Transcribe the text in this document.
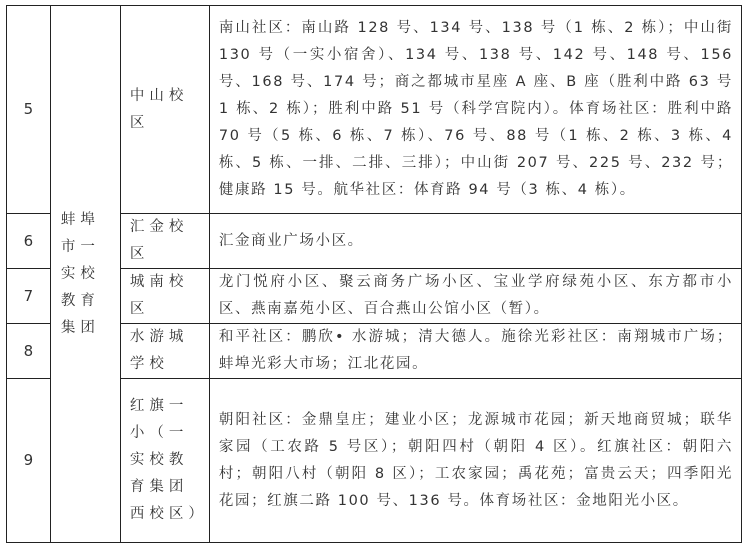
5	蚌埠市一实校教育集团	中山校区	南山社区：南山路 128 号、134 号、138 号（1 栋、2 栋）；中山街 130 号（一实小宿舍）、134 号、138 号、142 号、148 号、156 号、168 号、174 号；商之都城市星座 A 座、B 座（胜利中路 63 号 1 栋、2 栋）；胜利中路 51 号（科学宫院内）。体育场社区：胜利中路 70 号（5 栋、6 栋、7 栋）、76 号、88 号（1 栋、2 栋、3 栋、4 栋、5 栋、一排、二排、三排）；中山街 207 号、225 号、232 号；健康路 15 号。航华社区：体育路 94 号（3 栋、4 栋）。
6		汇金校区	汇金商业广场小区。
7		城南校区	龙门悦府小区、聚云商务广场小区、宝业学府绿苑小区、东方都市小区、燕南嘉苑小区、百合燕山公馆小区（暂）。
8		水游城学校	和平社区：鹏欣• 水游城；清大德人。施徐光彩社区：南翔城市广场；蚌埠光彩大市场；江北花园。
9		红旗一小（一实校教育集团西校区）	朝阳社区：金鼎皇庄；建业小区；龙源城市花园；新天地商贸城；联华家园（工农路 5 号区）；朝阳四村（朝阳 4 区）。红旗社区：朝阳六村；朝阳八村（朝阳 8 区）；工农家园；禹花苑；富贵云天；四季阳光花园；红旗二路 100 号、136 号。体育场社区：金地阳光小区。
